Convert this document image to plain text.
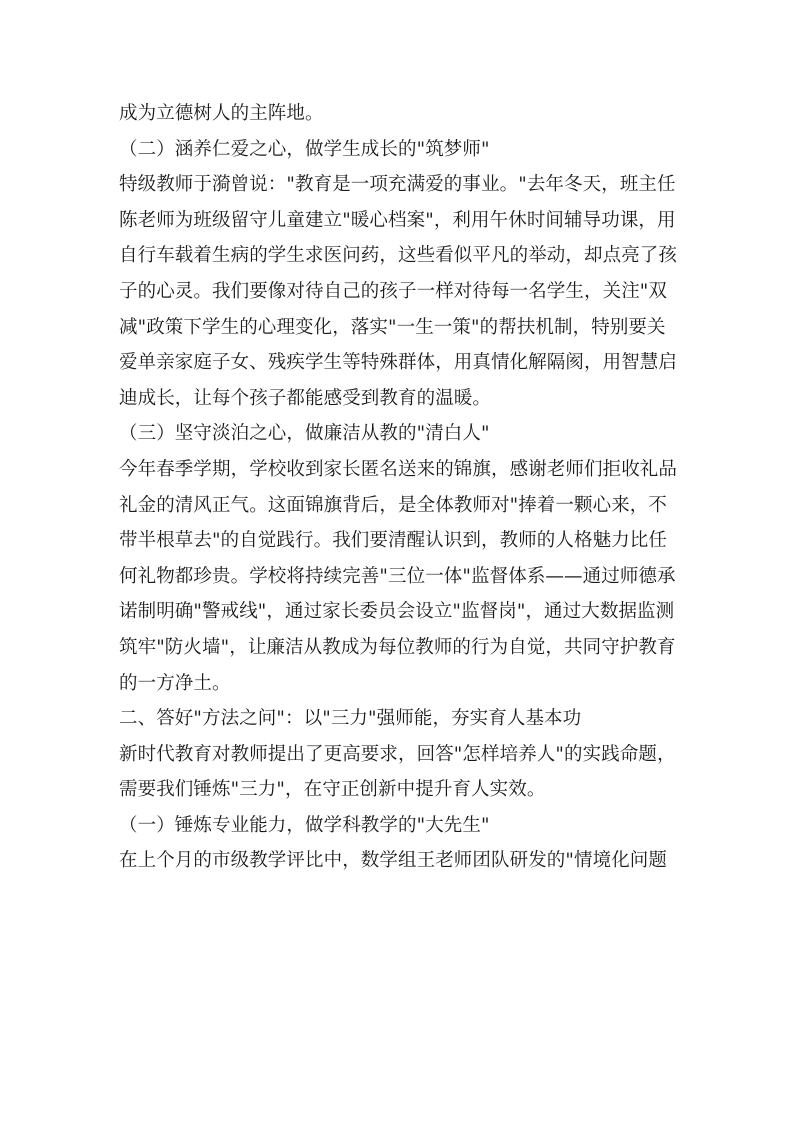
成为立德树人的主阵地。
（二）涵养仁爱之心，做学生成长的"筑梦师"
特级教师于漪曾说："教育是一项充满爱的事业。"去年冬天，班主任
陈老师为班级留守儿童建立"暖心档案"，利用午休时间辅导功课，用
自行车载着生病的学生求医问药，这些看似平凡的举动，却点亮了孩
子的心灵。我们要像对待自己的孩子一样对待每一名学生，关注"双
减"政策下学生的心理变化，落实"一生一策"的帮扶机制，特别要关
爱单亲家庭子女、残疾学生等特殊群体，用真情化解隔阂，用智慧启
迪成长，让每个孩子都能感受到教育的温暖。
（三）坚守淡泊之心，做廉洁从教的"清白人"
今年春季学期，学校收到家长匿名送来的锦旗，感谢老师们拒收礼品
礼金的清风正气。这面锦旗背后，是全体教师对"捧着一颗心来，不
带半根草去"的自觉践行。我们要清醒认识到，教师的人格魅力比任
何礼物都珍贵。学校将持续完善"三位一体"监督体系——通过师德承
诺制明确"警戒线"，通过家长委员会设立"监督岗"，通过大数据监测
筑牢"防火墙"，让廉洁从教成为每位教师的行为自觉，共同守护教育
的一方净土。
二、答好"方法之问"：以"三力"强师能，夯实育人基本功
新时代教育对教师提出了更高要求，回答"怎样培养人"的实践命题，
需要我们锤炼"三力"，在守正创新中提升育人实效。
（一）锤炼专业能力，做学科教学的"大先生"
在上个月的市级教学评比中，数学组王老师团队研发的"情境化问题
